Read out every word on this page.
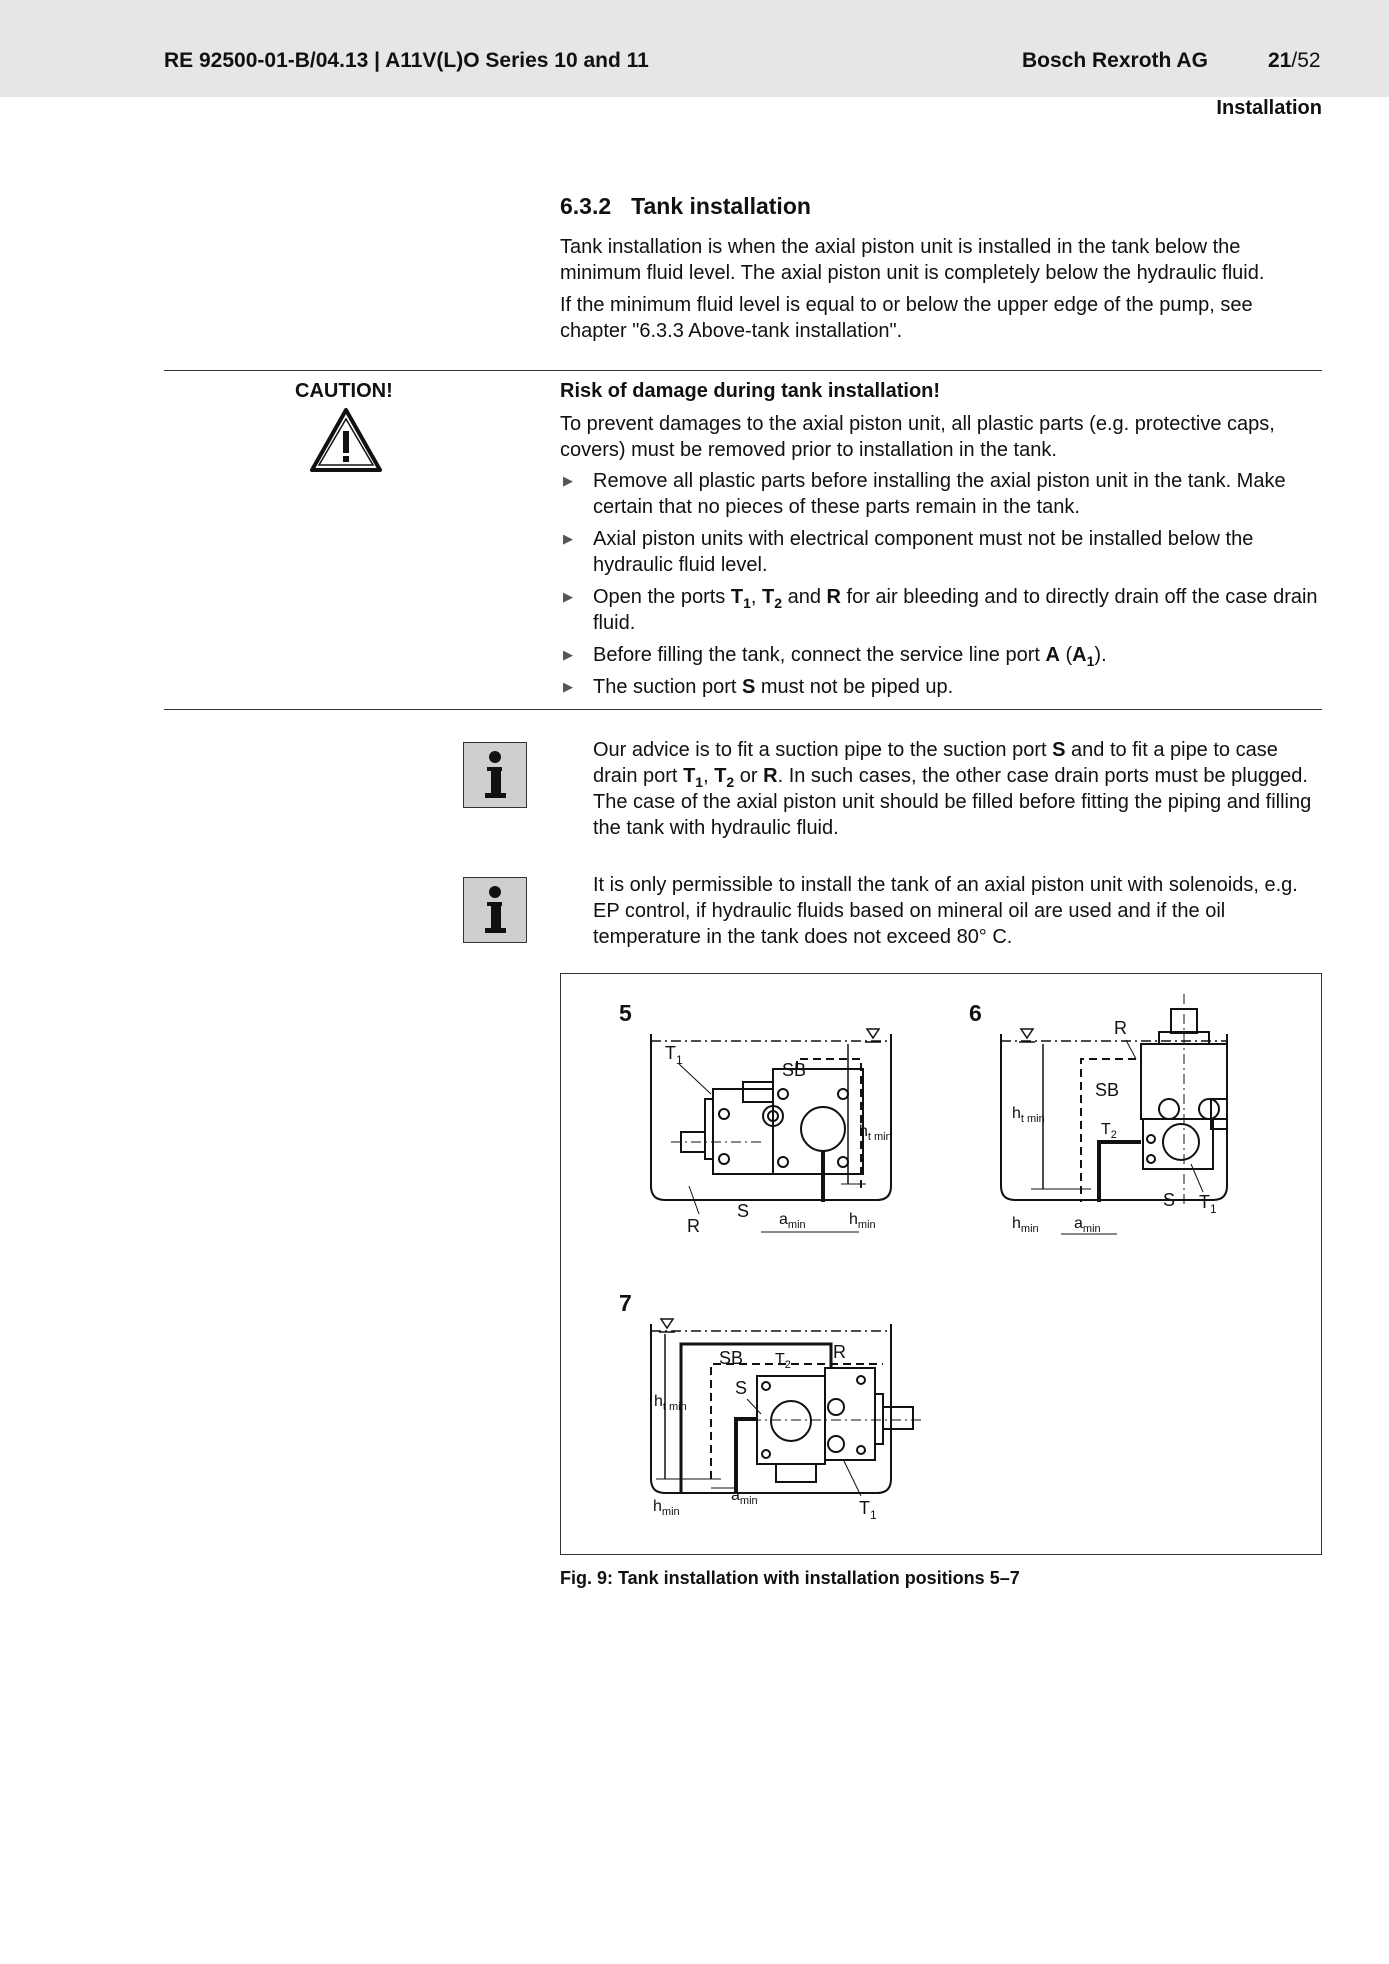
RE 92500-01-B/04.13 | A11V(L)O Series 10 and 11	Bosch Rexroth AG	21/52
Installation
6.3.2 Tank installation

Tank installation is when the axial piston unit is installed in the tank below the minimum fluid level. The axial piston unit is completely below the hydraulic fluid.

If the minimum fluid level is equal to or below the upper edge of the pump, see chapter "6.3.3 Above-tank installation".

CAUTION!	Risk of damage during tank installation!
To prevent damages to the axial piston unit, all plastic parts (e.g. protective caps, covers) must be removed prior to installation in the tank.
▶ Remove all plastic parts before installing the axial piston unit in the tank. Make certain that no pieces of these parts remain in the tank.
▶ Axial piston units with electrical component must not be installed below the hydraulic fluid level.
▶ Open the ports $T_1$, $T_2$ and R for air bleeding and to directly drain off the case drain fluid.
▶ Before filling the tank, connect the service line port A $(A_1)$.
▶ The suction port S must not be piped up.
Our advice is to fit a suction pipe to the suction port S and to fit a pipe to case drain port $T_1$, $T_2$ or R. In such cases, the other case drain ports must be plugged. The case of the axial piston unit should be filled before fitting the piping and filling the tank with hydraulic fluid.
It is only permissible to install the tank of an axial piston unit with solenoids, e.g. EP control, if hydraulic fluids based on mineral oil are used and if the oil temperature in the tank does not exceed 80° C.
5
$T_1$	SB
$h_{t min}$
S
R	$a_{min}$	$h_{min}$
6
R
SB
$T_2$
$h_{t min}$
S $T_1$
$h_{min}$ $a_{min}$
7
SB $T_2$
R
S
$h_{t min}$
$h_{min}$
$a_{min}$	$T_1$
Fig. 9: Tank installation with installation positions 5–7
